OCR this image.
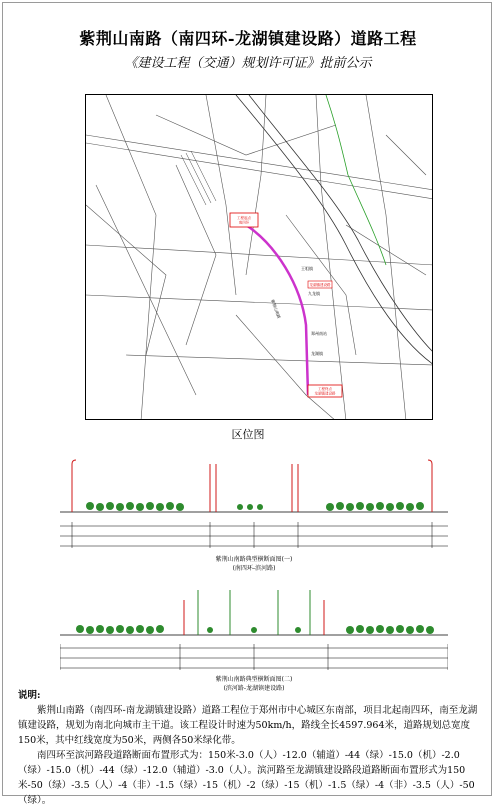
紫荆山南路（南四环-龙湖镇建设路）道路工程
《建设工程（交通）规划许可证》批前公示
工程起点南四环
工程终点龙湖镇建设路
龙湖镇建设路
紫荆山南路
王咀镇
九龙镇
郑州南站
龙湖镇
区位图
紫荆山南路典型横断面图(一)
(南四环-滨河路)
紫荆山南路典型横断面图(二)
(滨河路-龙湖镇建设路)

说明:

紫荆山南路（南四环-南龙湖镇建设路）道路工程位于郑州市中心城区东南部，项目北起南四环，南至龙湖镇建设路，规划为南北向城市主干道。该工程设计时速为50km/h，路线全长4597.964米，道路规划总宽度150米，其中红线宽度为50米，两侧各50米绿化带。

南四环至滨河路段道路断面布置形式为：150米-3.0（人）-12.0（辅道）-44（绿）-15.0（机）-2.0（绿）-15.0（机）-44（绿）-12.0（辅道）-3.0（人）。滨河路至龙湖镇建设路段道路断面布置形式为150米-50（绿）-3.5（人）-4（非）-1.5（绿）-15（机）-2（绿）-15（机）-1.5（绿）-4（非）-3.5（人）-50（绿）。
